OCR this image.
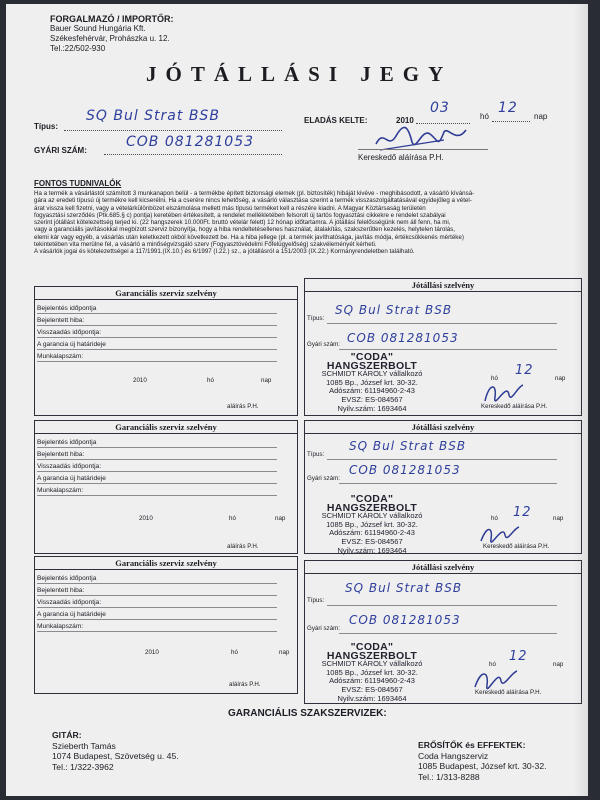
FORGALMAZÓ / IMPORTŐR:
Bauer Sound Hungária Kft.
Székesfehérvár, Prohászka u. 12.
Tel.:22/502-930
JÓTÁLLÁSI JEGY
Típus:
SQ Bul Strat BSB
GYÁRI SZÁM:
COB 081281053
ELADÁS KELTE:	2010
03
hó
12
nap
Kereskedő aláírása P.H.
FONTOS TUDNIVALÓK
Ha a termék a vásárlástól számított 3 munkanapon belül - a termékbe épített biztonsági elemek (pl. biztosíték) hibáját kivéve - meghibásodott, a vásárló kívánsá-
gára az eredeti típusú új termékre kell kicserélni. Ha a cserére nincs lehetőség, a vásárló választása szerint a termék visszaszolgáltatásával egyidejűleg a vétel-
árat vissza kell fizetni, vagy a vételárkülönbözet elszámolása mellett más típusú terméket kell a részére kiadni. A Magyar Köztársaság területén
fogyasztási szerződés (Ptk.685.§ c) pontja) keretében értékesített, a rendelet mellékletében felsorolt új tartós fogyasztási cikkekre e rendelet szabályai
szerint jótállást kötelezettség terjed ki. (22 hangszerek 10.000Ft. bruttó vételár felett) 12 hónap időtartamra. A jótállási felelősségünk nem áll fenn, ha mi,
vagy a garanciális javításokkal megbízott szerviz bizonyítja, hogy a hiba rendeltetésellenes használat, átalakítás, szakszerűtlen kezelés, helytelen tárolás,
elemi kár vagy egyéb, a vásárlás után keletkezett okból következett be. Ha a hiba jellege (pl. a termék javíthatósága, javítás módja, értékcsökkenés mértéke)
tekintetében vita merülne fel, a vásárló a minőségvizsgáló szerv (Fogyasztóvédelmi Főfelügyelőség) szakvéleményét kérheti.
A vásárlók jogai és kötelezettségei a 117/1991.(IX.10.) és 6/1997 (I.22.) sz., a jótállásról a 151/2003 (IX.22.) Kormányrendeletben található.
Garanciális szerviz szelvény
Bejelentés időpontja
Bejelentett hiba:
Visszaadás időpontja:
A garancia új határideje
Munkalapszám:
2010	hó	nap
aláírás P.H.
Jótállási szelvény
Típus:
SQ Bul Strat BSB
Gyári szám: COB 081281053
"CODA" HANGSZERBOLT
SCHMIDT KÁROLY vállalkozó
1085 Bp., József krt. 30-32.
Adószám: 61194960-2-43
EVSZ: ES-084567
Nyilv.szám: 1693464
hó
12
nap
Kereskedő aláírása P.H.
Garanciális szerviz szelvény
Bejelentés időpontja
Bejelentett hiba:
Visszaadás időpontja:
A garancia új határideje
Munkalapszám:
2010	hó	nap
aláírás P.H.
Jótállási szelvény
Típus:
SQ Bul Strat BSB
Gyári szám:
COB 081281053
"CODA" HANGSZERBOLT
SCHMIDT KÁROLY vállalkozó
1085 Bp., József krt. 30-32.
Adószám: 61194960-2-43
EVSZ: ES-084567
Nyilv.szám: 1693464
hó 12	nap
Kereskedő aláírása P.H.
Garanciális szerviz szelvény
Bejelentés időpontja
Bejelentett hiba:
Visszaadás időpontja:
A garancia új határideje
Munkalapszám:
2010	hó	nap
aláírás P.H.
Jótállási szelvény
Típus:
SQ Bul Strat BSB
Gyári szám:
COB 081281053
"CODA" HANGSZERBOLT
SCHMIDT KÁROLY vállalkozó
1085 Bp., József krt. 30-32.
Adószám: 61194960-2-43
EVSZ: ES-084567
Nyilv.szám: 1693464
hó
12
nap
Kereskedő aláírása P.H.
GARANCIÁLIS SZAKSZERVIZEK:
GITÁR:
Szieberth Tamás
1074 Budapest, Szövetség u. 45.
Tel.: 1/322-3962
ERŐSÍTŐK és EFFEKTEK:
Coda Hangszerviz
1085 Budapest, József krt. 30-32.
Tel.: 1/313-8288
